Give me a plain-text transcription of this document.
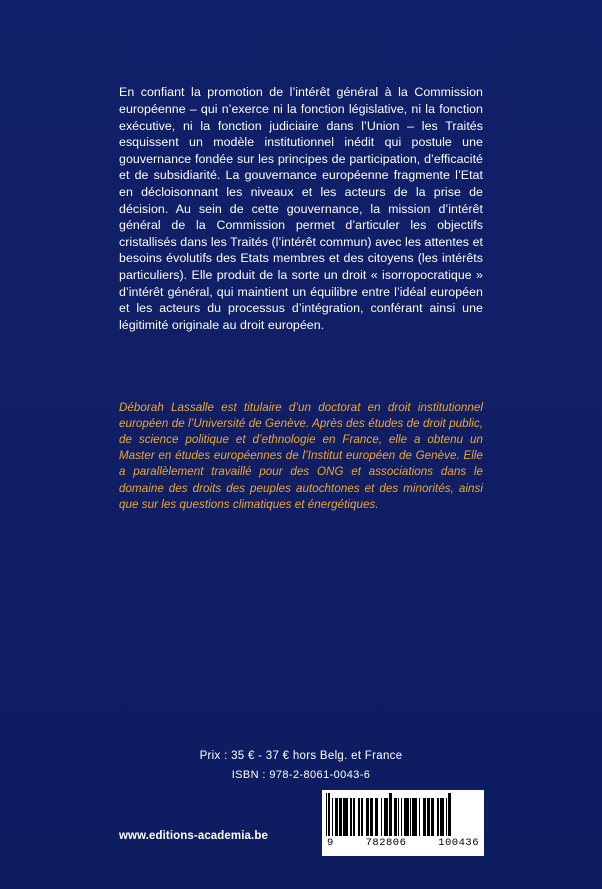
En confiant la promotion de l’intérêt général à la Commission européenne – qui n’exerce ni la fonction législative, ni la fonction exécutive, ni la fonction judiciaire dans l’Union – les Traités esquissent un modèle institutionnel inédit qui postule une gouvernance fondée sur les principes de participation, d’efficacité et de subsidiarité. La gouvernance européenne fragmente l’Etat en décloisonnant les niveaux et les acteurs de la prise de décision. Au sein de cette gouvernance, la mission d’intérêt général de la Commission permet d’articuler les objectifs cristallisés dans les Traités (l’intérêt commun) avec les attentes et besoins évolutifs des Etats membres et des citoyens (les intérêts particuliers). Elle produit de la sorte un droit « isorropocratique » d’intérêt général, qui maintient un équilibre entre l’idéal européen et les acteurs du processus d’intégration, conférant ainsi une légitimité originale au droit européen.

Déborah Lassalle est titulaire d’un doctorat en droit institutionnel européen de l’Université de Genève. Après des études de droit public, de science politique et d’ethnologie en France, elle a obtenu un Master en études européennes de l’Institut européen de Genève. Elle a parallèlement travaillé pour des ONG et associations dans le domaine des droits des peuples autochtones et des minorités, ainsi que sur les questions climatiques et énergétiques.

Prix : 35 € - 37 € hors Belg. et France
ISBN : 978-2-8061-0043-6
9	782806	100436
www.editions-academia.be
